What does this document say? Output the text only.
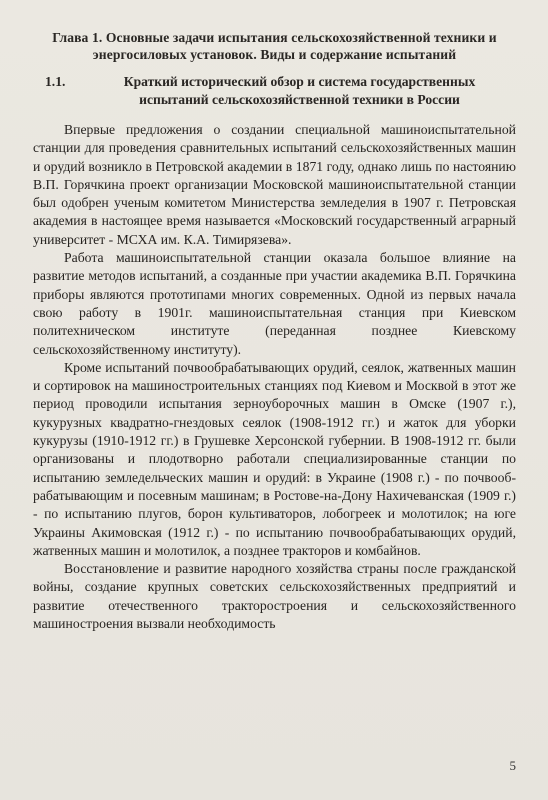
Глава 1. Основные задачи испытания сельскохозяйственной техники и энергосиловых установок. Виды и содержание испытаний
1.1.	Краткий исторический обзор и система государственных испытаний сельскохозяйственной техники в России

Впервые предложения о создании специальной машиноиспытательной станции для проведения сравнительных испытаний сельскохозяйственных машин и орудий возникло в Петровской академии в 1871 году, однако лишь по настоянию В.П. Горячкина проект организации Московской машиноиспытательной станции был одобрен ученым комитетом Министерства земледелия в 1907 г. Петровская академия в настоящее время называется «Московский государственный аграрный университет - МСХА им. К.А. Тимирязева».

Работа машиноиспытательной станции оказала большое влияние на развитие методов испытаний, а созданные при участии академика В.П. Горячкина приборы являются прототипами многих современных. Одной из первых начала свою работу в 1901г. машиноиспытательная станция при Киевском политехническом институте (переданная позднее Киевскому сельскохозяйственному институту).

Кроме испытаний почвообрабатывающих орудий, сеялок, жатвенных машин и сортировок на машиностроительных станциях под Киевом и Москвой в этот же период проводили испытания зерноуборочных машин в Омске (1907 г.), кукурузных квадратно-гнездовых сеялок (1908-1912 гг.) и жаток для уборки кукурузы (1910-1912 гг.) в Грушевке Херсонской губернии. В 1908-1912 гг. были организованы и плодотворно работали специализированные станции по испытанию земледельческих машин и орудий: в Украине (1908 г.) - по почвообрабатывающим и посевным машинам; в Ростове-на-Дону Нахичеванская (1909 г.) - по испытанию плугов, борон культиваторов, лобогреек и молотилок; на юге Украины Акимовская (1912 г.) - по испытанию почвообрабатывающих орудий, жатвенных машин и молотилок, а позднее тракторов и комбайнов.

Восстановление и развитие народного хозяйства страны после гражданской войны, создание крупных советских сельскохозяйственных предприятий и развитие отечественного тракторостроения и сельскохозяйственного машиностроения вызвали необходимость

5
